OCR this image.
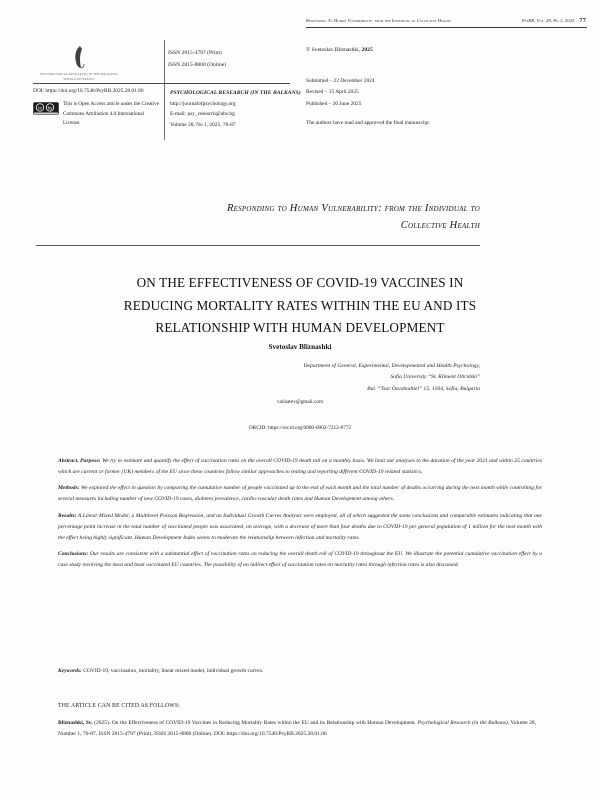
Responding To Human Vulnerability: from the Individual to Collective Health	PsyRB, Vol. 28, No 1, 2025 77
PSYCHOLOGICAL RESEARCH (IN THE BALKANS)
SOFIA UNIVERSITY
ISSN 2815-4797 (Print)
ISSN 2815-8800 (Online)
DOI: https://doi.org/10.7546/PsyRB.2025.28.01.06
cc by
This is Open Access article under the Creative Commons Attribution 4.0 International License.
PSYCHOLOGICAL RESEARCH (IN THE BALKANS)
http://journalofpsychology.org
E-mail: psy_research@abv.bg
Volume 28, No 1, 2025, 76-87
© Svetoslav Bliznashki, 2025
Submitted – 22 December 2024
Revised – 15 April 2025
Published – 30 June 2025
The authors have read and approved the final manuscript.
Responding to Human Vulnerability: from the Individual to
Collective Health
ON THE EFFECTIVENESS OF COVID-19 VACCINES IN
REDUCING MORTALITY RATES WITHIN THE EU AND ITS
RELATIONSHIP WITH HUMAN DEVELOPMENT
Svetoslav Bliznashki
Department of General, Experimental, Developmental and Health Psychology,
Sofia University “St. Kliment Ohridski”
Bul. “Tsar Osvoboditel” 15, 1504, Sofia, Bulgaria
valisatev@gmail.com
ORCID: https://orcid.org/0000-0002-7212-8772

Abstract. Purpose: We try to estimate and quantify the effect of vaccination rates on the overall COVID-19 death toll on a monthly basis. We limit our analyses to the duration of the year 2021 and within 25 countries which are current or former (UK) members of the EU since these countries follow similar approaches to testing and reporting different COVID-19 related statistics.

Methods: We explored the effect in question by comparing the cumulative number of people vaccinated up to the end of each month and the total number of deaths occurring during the next month while controlling for several measures including number of new COVID-19 cases, diabetes prevalence, cardio-vascular death rates and Human Development among others.

Results: A Linear Mixed Model, a Multilevel Poisson Regression, and an Individual Growth Curves Analysis were employed, all of which suggested the same conclusions and comparable estimates indicating that one percentage point increase in the total number of vaccinated people was associated, on average, with a decrease of more than four deaths due to COVID-19 per general population of 1 million for the next month with the effect being highly significant. Human Development Index seems to moderate the relationship between infection and mortality rates.

Conclusions: Our results are consistent with a substantial effect of vaccination rates on reducing the overall death toll of COVID-19 throughout the EU. We illustrate the potential cumulative vaccination effect by a case study involving the most and least vaccinated EU countries. The possibility of an indirect effect of vaccination rates on mortality rates through infection rates is also discussed.

Keywords: COVID-19, vaccination, mortality, linear mixed model, individual growth curves.
THE ARTICLE CAN BE CITED AS FOLLOWS:
Bliznashki, Sv. (2025). On the Effectiveness of COVID-19 Vaccines in Reducing Mortality Rates within the EU and its Relationship with Human Development. Psychological Research (in the Balkans), Volume 28, Number 1, 76-87. ISSN 2815-4797 (Print), ISSN 2815-8800 (Online). DOI: https://doi.org/10.7546/PsyRB.2025.28.01.06
